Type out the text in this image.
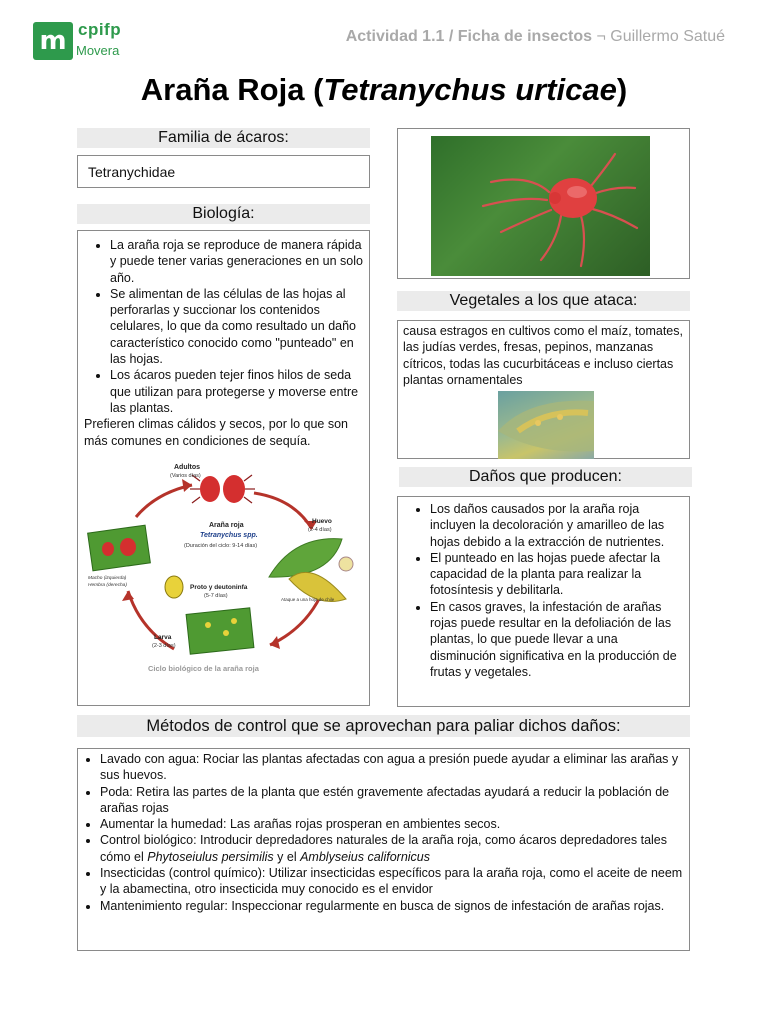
m cpifp
Movera
Actividad 1.1 / Ficha de insectos ¬ Guillermo Satué
Araña Roja (Tetranychus urticae)
Familia de ácaros:
Tetranychidae
Biología:
• La araña roja se reproduce de manera rápida y puede tener varias generaciones en un solo año.
• Se alimentan de las células de las hojas al perforarlas y succionar los contenidos celulares, lo que da como resultado un daño característico conocido como "punteado" en las hojas.
• Los ácaros pueden tejer finos hilos de seda que utilizan para protegerse y moverse entre las plantas.
Prefieren climas cálidos y secos, por lo que son más comunes en condiciones de sequía.
Adultos
(Varios días)
Araña roja
Tetranychus spp.
(Duración del ciclo: 9-14 días)
Huevo
(2-4 días)
Ataque a una hoja de chile
Proto y deutoninfa
(5-7 días)
Larva
(2-3 días)
Macho (izquierda)
Hembra (derecha)
Ciclo biológico de la araña roja
Vegetales a los que ataca:
causa estragos en cultivos como el maíz, tomates, las judías verdes, fresas, pepinos, manzanas cítricos, todas las cucurbitáceas e incluso ciertas plantas ornamentales
Daños que producen:
• Los daños causados por la araña roja incluyen la decoloración y amarilleo de las hojas debido a la extracción de nutrientes.
• El punteado en las hojas puede afectar la capacidad de la planta para realizar la fotosíntesis y debilitarla.
• En casos graves, la infestación de arañas rojas puede resultar en la defoliación de las plantas, lo que puede llevar a una disminución significativa en la producción de frutas y vegetales.
Métodos de control que se aprovechan para paliar dichos daños:
• Lavado con agua: Rociar las plantas afectadas con agua a presión puede ayudar a eliminar las arañas y sus huevos.
• Poda: Retira las partes de la planta que estén gravemente afectadas ayudará a reducir la población de arañas rojas
• Aumentar la humedad: Las arañas rojas prosperan en ambientes secos.
• Control biológico: Introducir depredadores naturales de la araña roja, como ácaros depredadores tales cómo el Phytoseiulus persimilis y el Amblyseius californicus
• Insecticidas (control químico): Utilizar insecticidas específicos para la araña roja, como el aceite de neem y la abamectina, otro insecticida muy conocido es el envidor
• Mantenimiento regular: Inspeccionar regularmente en busca de signos de infestación de arañas rojas.
